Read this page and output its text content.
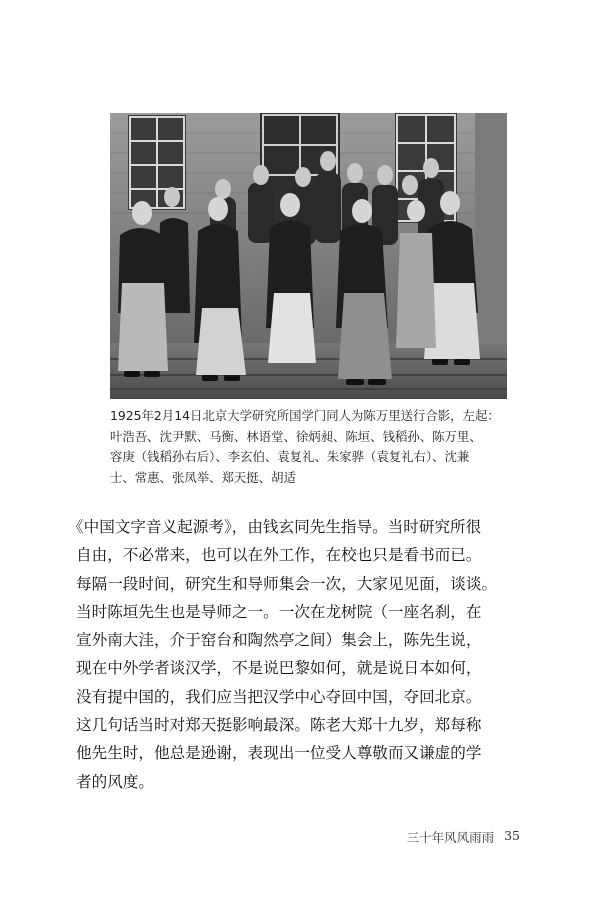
1925年2月14日北京大学研究所国学门同人为陈万里送行合影，左起：
叶浩吾、沈尹默、马衡、林语堂、徐炳昶、陈垣、钱稻孙、陈万里、
容庚（钱稻孙右后）、李玄伯、袁复礼、朱家骅（袁复礼右）、沈兼
士、常惠、张凤举、郑天挺、胡适
《中国文字音义起源考》，由钱玄同先生指导。当时研究所很
自由，不必常来，也可以在外工作，在校也只是看书而已。
每隔一段时间，研究生和导师集会一次，大家见见面，谈谈。
当时陈垣先生也是导师之一。一次在龙树院（一座名刹，在
宣外南大洼，介于窑台和陶然亭之间）集会上，陈先生说，
现在中外学者谈汉学，不是说巴黎如何，就是说日本如何，
没有提中国的，我们应当把汉学中心夺回中国，夺回北京。
这几句话当时对郑天挺影响最深。陈老大郑十九岁，郑每称
他先生时，他总是逊谢，表现出一位受人尊敬而又谦虚的学
者的风度。
三十年风风雨雨 35
